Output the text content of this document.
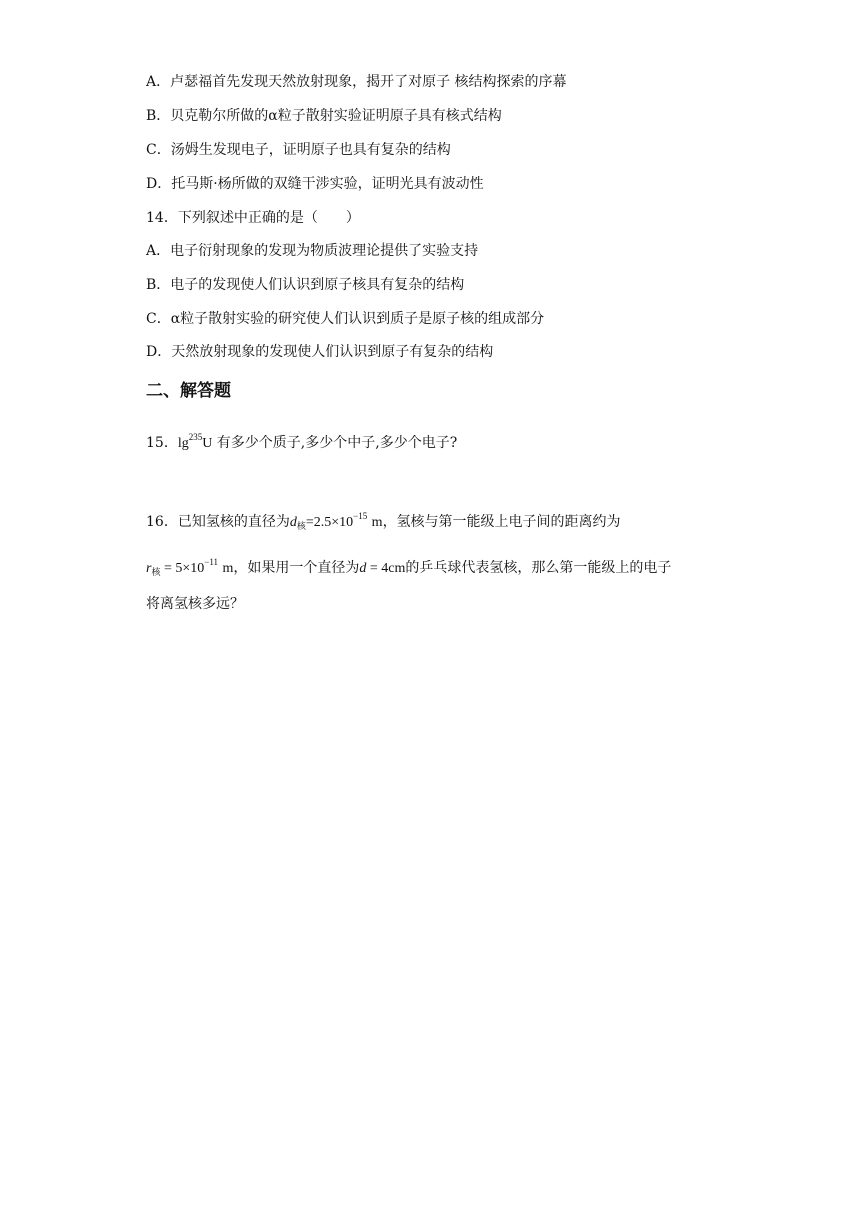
A．卢瑟福首先发现天然放射现象，揭开了对原子 核结构探索的序幕
B．贝克勒尔所做的α粒子散射实验证明原子具有核式结构
C．汤姆生发现电子，证明原子也具有复杂的结构
D．托马斯·杨所做的双缝干涉实验，证明光具有波动性
14．下列叙述中正确的是（　　）
A．电子衍射现象的发现为物质波理论提供了实验支持
B．电子的发现使人们认识到原子核具有复杂的结构
C．α粒子散射实验的研究使人们认识到质子是原子核的组成部分
D．天然放射现象的发现使人们认识到原子有复杂的结构
二、解答题
15．$\lg^{235}U$ 有多少个质子,多少个中子,多少个电子?
16．已知氢核的直径为$d_核=2.5\times 10^{-15}$ m，氢核与第一能级上电子间的距离约为
$r_核 = 5\times 10^{-11}$ m，如果用一个直径为d = 4cm的乒乓球代表氢核，那么第一能级上的电子
将离氢核多远？
